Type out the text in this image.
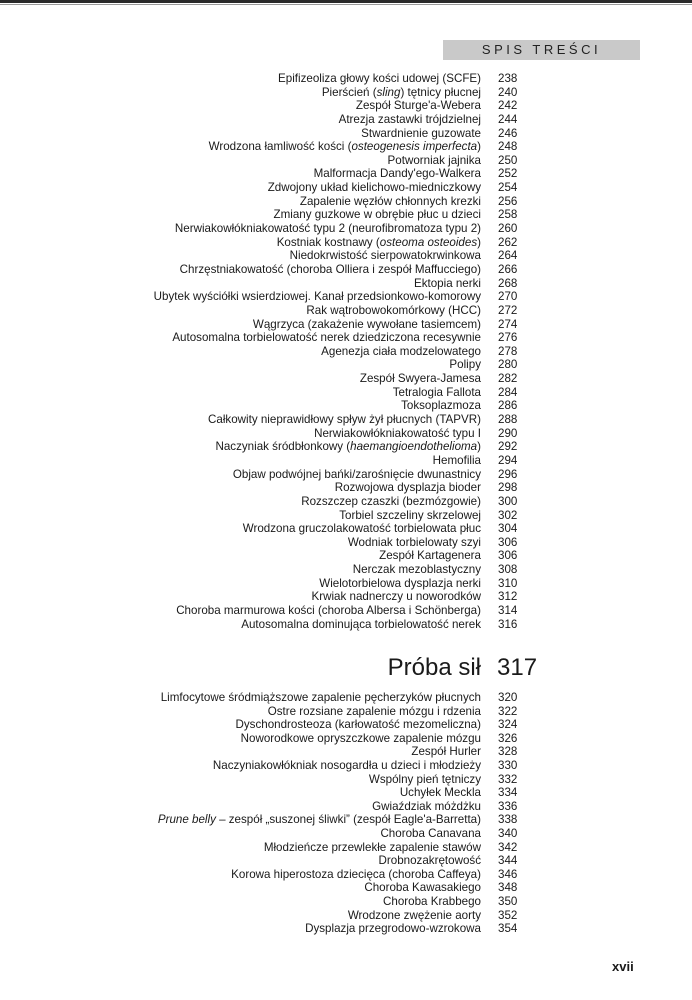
SPIS TREŚCI
Epifizeoliza głowy kości udowej (SCFE) 238
Pierścień (sling) tętnicy płucnej 240
Zespół Sturge'a-Webera 242
Atrezja zastawki trójdzielnej 244
Stwardnienie guzowate 246
Wrodzona łamliwość kości (osteogenesis imperfecta) 248
Potworniak jajnika 250
Malformacja Dandy'ego-Walkera 252
Zdwojony układ kielichowo-miedniczkowy 254
Zapalenie węzłów chłonnych krezki 256
Zmiany guzkowe w obrębie płuc u dzieci 258
Nerwiakowłókniakowatość typu 2 (neurofibromatoza typu 2) 260
Kostniak kostnawy (osteoma osteoides) 262
Niedokrwistość sierpowatokrwinkowa 264
Chrzęstniakowatość (choroba Olliera i zespół Maffucciego) 266
Ektopia nerki 268
Ubytek wyściółki wsierdziowej. Kanał przedsionkowo-komorowy 270
Rak wątrobowokomórkowy (HCC) 272
Wągrzyca (zakażenie wywołane tasiemcem) 274
Autosomalna torbielowatość nerek dziedziczona recesywnie 276
Agenezja ciała modzelowatego 278
Polipy 280
Zespół Swyera-Jamesa 282
Tetralogia Fallota 284
Toksoplazmoza 286
Całkowity nieprawidłowy spływ żył płucnych (TAPVR) 288
Nerwiakowłókniakowatość typu I 290
Naczyniak śródbłonkowy (haemangioendothelioma) 292
Hemofilia 294
Objaw podwójnej bańki/zarośnięcie dwunastnicy 296
Rozwojowa dysplazja bioder 298
Rozszczep czaszki (bezmózgowie) 300
Torbiel szczeliny skrzelowej 302
Wrodzona gruczolakowatość torbielowata płuc 304
Wodniak torbielowaty szyi 306
Zespół Kartagenera 306
Nerczak mezoblastyczny 308
Wielotorbielowa dysplazja nerki 310
Krwiak nadnerczy u noworodków 312
Choroba marmurowa kości (choroba Albersa i Schönberga) 314
Autosomalna dominująca torbielowatość nerek 316
Próba sił 317
Limfocytowe śródmiąższowe zapalenie pęcherzyków płucnych 320
Ostre rozsiane zapalenie mózgu i rdzenia 322
Dyschondrosteoza (karłowatość mezomeliczna) 324
Noworodkowe opryszczkowe zapalenie mózgu 326
Zespół Hurler 328
Naczyniakowłókniak nosogardła u dzieci i młodzieży 330
Wspólny pień tętniczy 332
Uchyłek Meckla 334
Gwiaździak móżdżku 336
Prune belly – zespół „suszonej śliwki” (zespół Eagle'a-Barretta) 338
Choroba Canavana 340
Młodzieńcze przewlekłe zapalenie stawów 342
Drobnozakrętowość 344
Korowa hiperostoza dziecięca (choroba Caffeya) 346
Choroba Kawasakiego 348
Choroba Krabbego 350
Wrodzone zwężenie aorty 352
Dysplazja przegrodowo-wzrokowa 354
xvii
